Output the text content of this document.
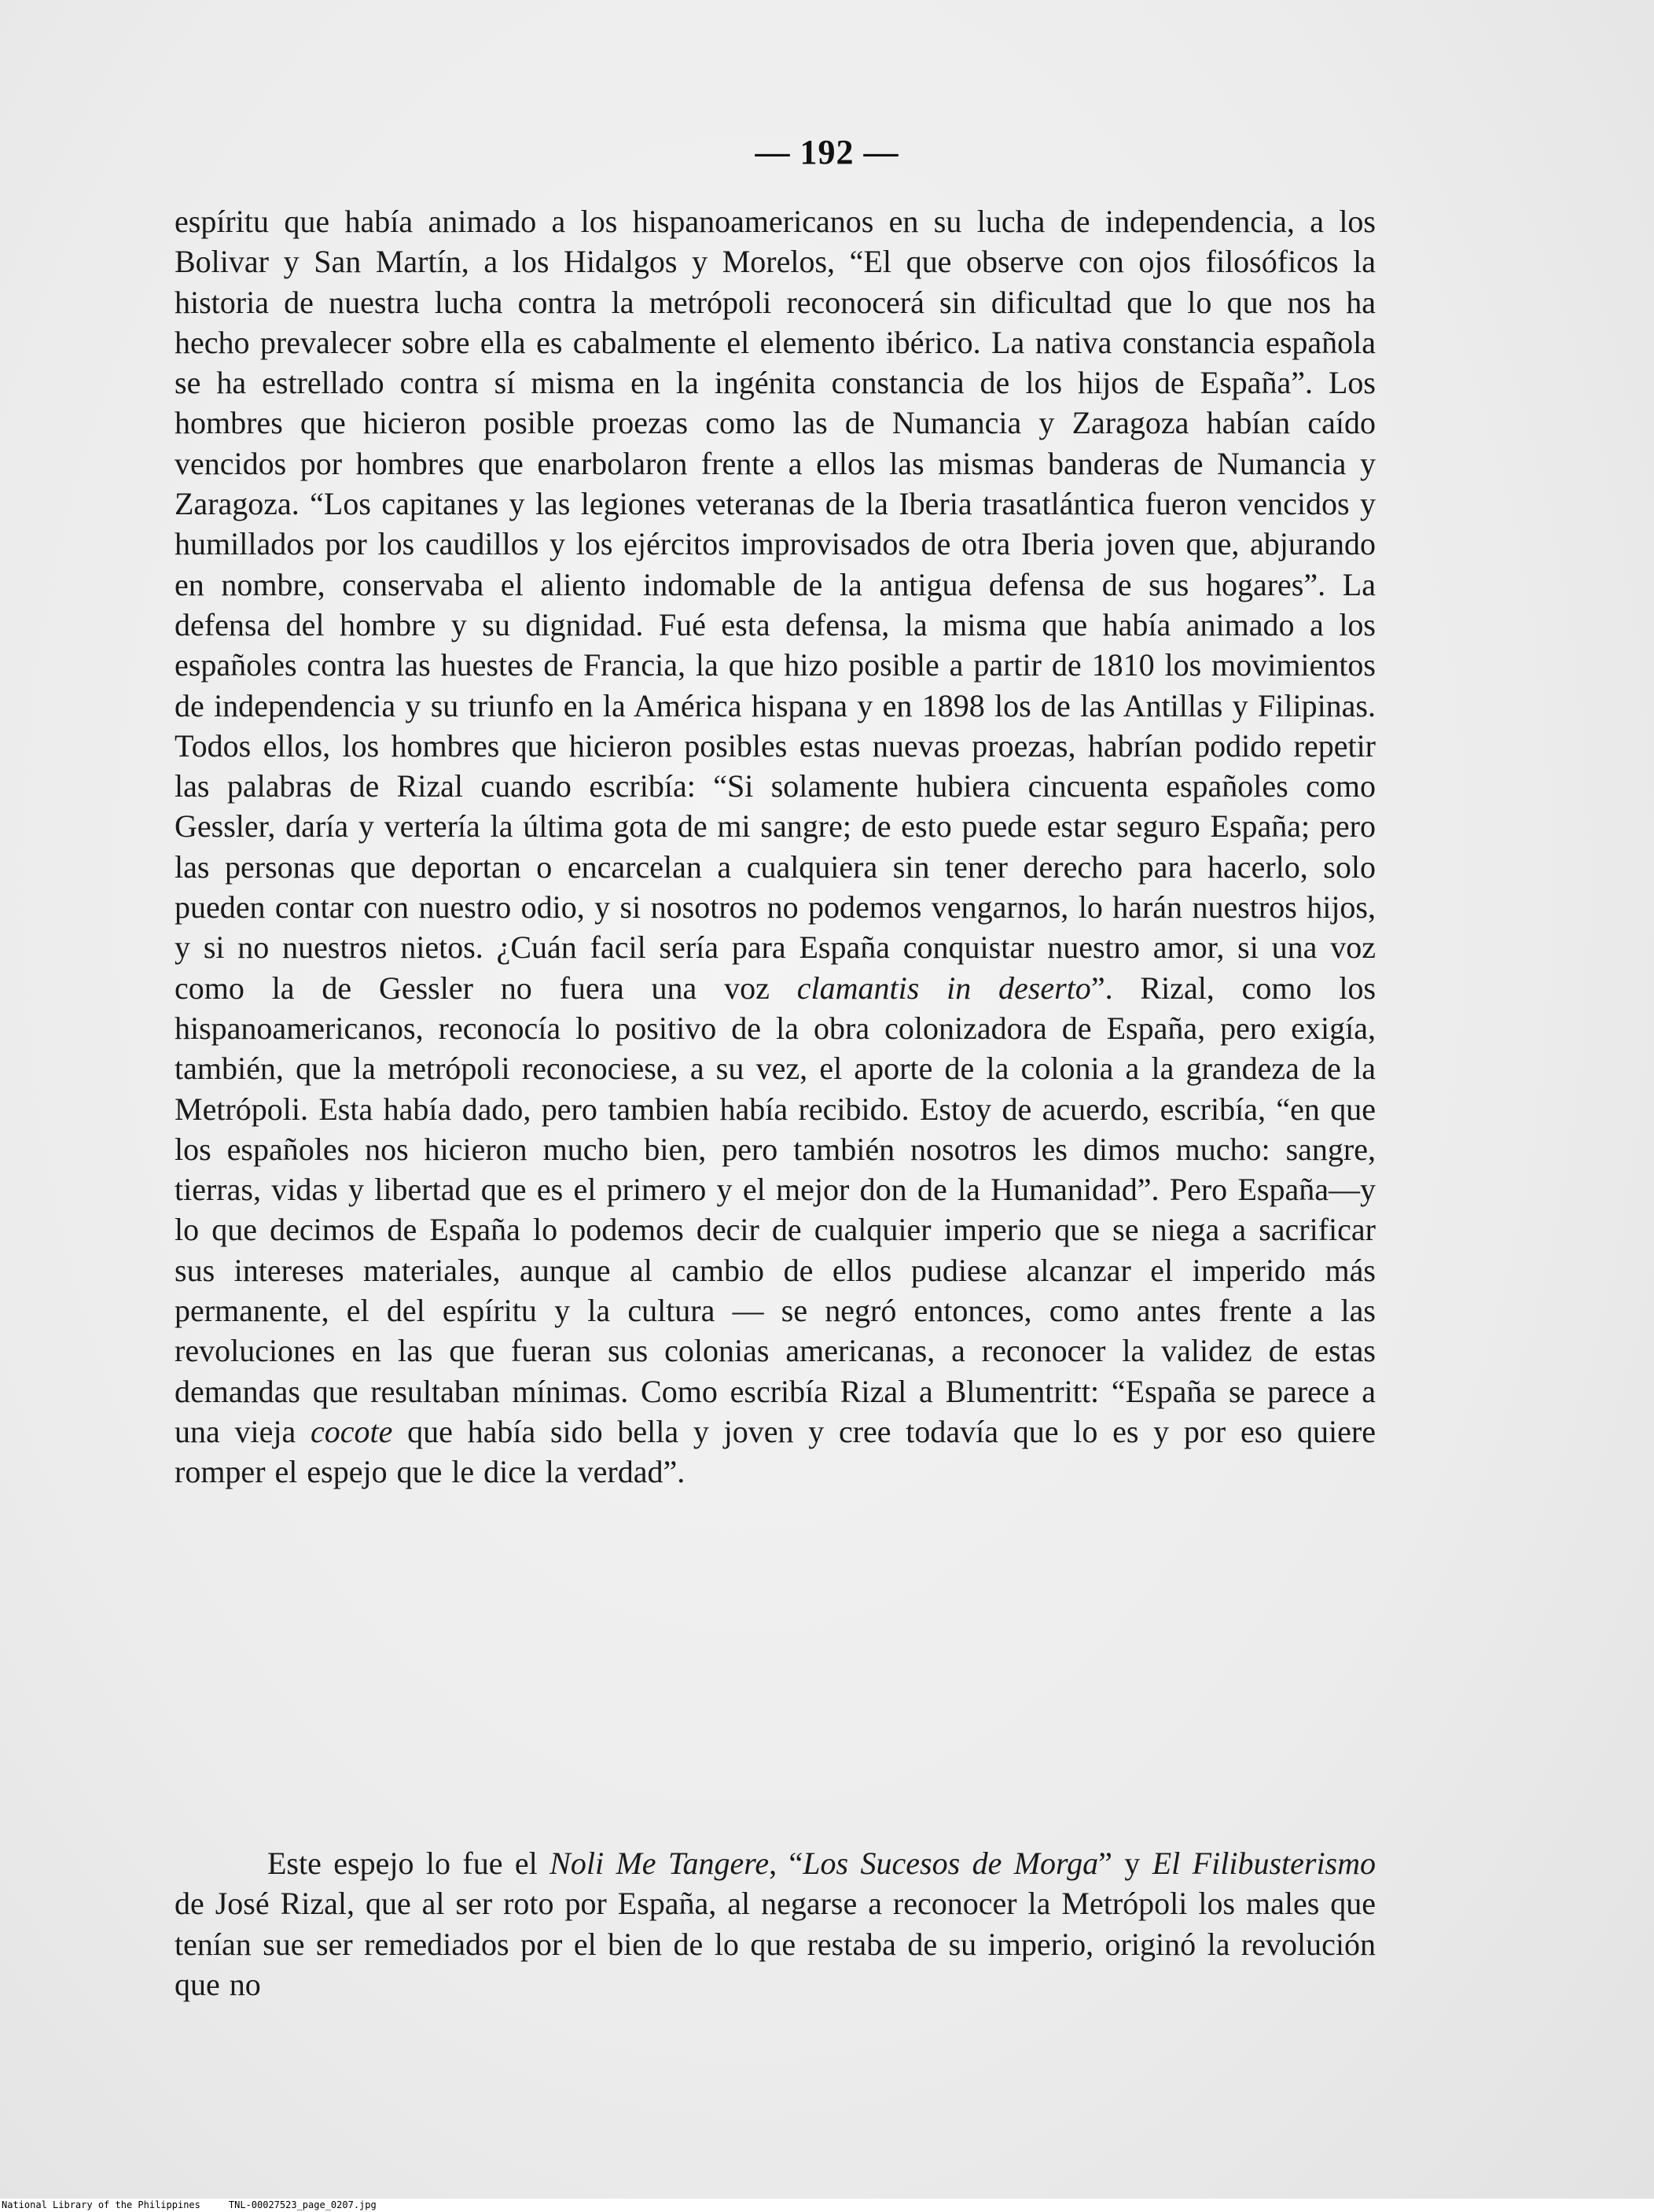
— 192 —
espíritu que había animado a los hispanoamericanos en su lucha de independencia, a los Bolivar y San Martín, a los Hidalgos y Morelos, “El que observe con ojos filosóficos la historia de nuestra lucha contra la metrópoli reconocerá sin dificultad que lo que nos ha hecho prevalecer sobre ella es cabalmente el elemento ibérico. La nativa constancia española se ha estrellado contra sí misma en la ingénita constancia de los hijos de España”. Los hombres que hicieron posible proezas como las de Numancia y Zaragoza habían caído vencidos por hombres que enarbolaron frente a ellos las mismas banderas de Numancia y Zaragoza. “Los capitanes y las legiones veteranas de la Iberia trasatlántica fueron vencidos y humillados por los caudillos y los ejércitos improvisados de otra Iberia joven que, abjurando en nombre, conservaba el aliento indomable de la antigua defensa de sus hogares”. La defensa del hombre y su dignidad. Fué esta defensa, la misma que había animado a los españoles contra las huestes de Francia, la que hizo posible a partir de 1810 los movimientos de independencia y su triunfo en la América hispana y en 1898 los de las Antillas y Filipinas. Todos ellos, los hombres que hicieron posibles estas nuevas proezas, habrían podido repetir las palabras de Rizal cuando escribía: “Si solamente hubiera cincuenta españoles como Gessler, daría y vertería la última gota de mi sangre; de esto puede estar seguro España; pero las personas que deportan o encarcelan a cualquiera sin tener derecho para hacerlo, solo pueden contar con nuestro odio, y si nosotros no podemos vengarnos, lo harán nuestros hijos, y si no nuestros nietos. ¿Cuán facil sería para España conquistar nuestro amor, si una voz como la de Gessler no fuera una voz clamantis in deserto”. Rizal, como los hispanoamericanos, reconocía lo positivo de la obra colonizadora de España, pero exigía, también, que la metrópoli reconociese, a su vez, el aporte de la colonia a la grandeza de la Metrópoli. Esta había dado, pero tambien había recibido. Estoy de acuerdo, escribía, “en que los españoles nos hicieron mucho bien, pero también nosotros les dimos mucho: sangre, tierras, vidas y libertad que es el primero y el mejor don de la Humanidad”. Pero España—y lo que decimos de España lo podemos decir de cualquier imperio que se niega a sacrificar sus intereses materiales, aunque al cambio de ellos pudiese alcanzar el imperido más permanente, el del espíritu y la cultura — se negró entonces, como antes frente a las revoluciones en las que fueran sus colonias americanas, a reconocer la validez de estas demandas que resultaban mínimas. Como escribía Rizal a Blumentritt: “España se parece a una vieja cocote que había sido bella y joven y cree todavía que lo es y por eso quiere romper el espejo que le dice la verdad”.
Este espejo lo fue el Noli Me Tangere, “Los Sucesos de Morga” y El Filibusterismo de José Rizal, que al ser roto por España, al negarse a reconocer la Metrópoli los males que tenían sue ser remediados por el bien de lo que restaba de su imperio, originó la revolución que no
National Library of the Philippines	TNL-00027523_page_0207.jpg
